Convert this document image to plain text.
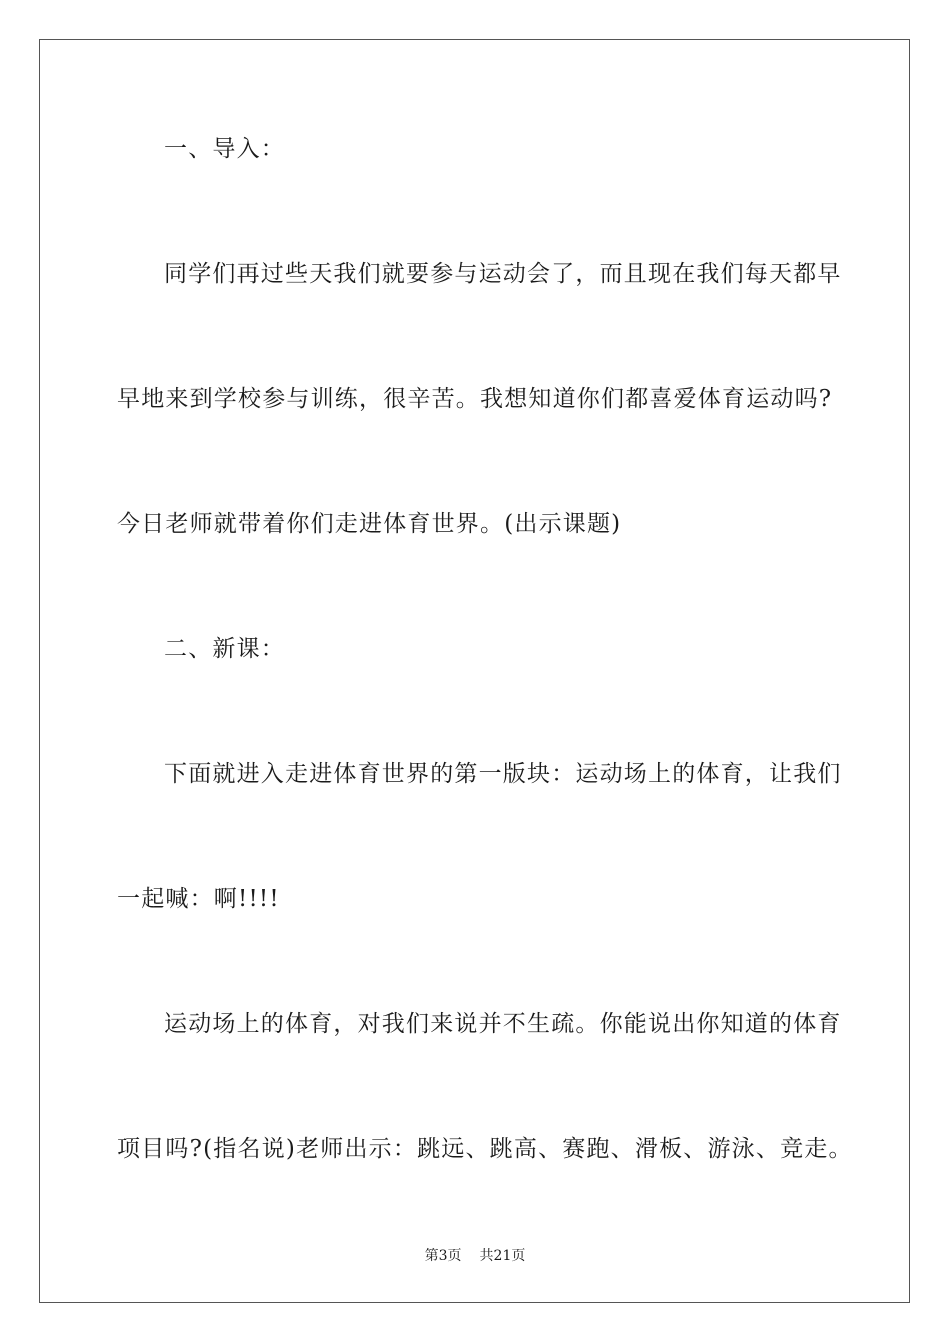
一、导入：
同学们再过些天我们就要参与运动会了，而且现在我们每天都早
早地来到学校参与训练，很辛苦。我想知道你们都喜爱体育运动吗?
今日老师就带着你们走进体育世界。(出示课题)
二、新课：
下面就进入走进体育世界的第一版块：运动场上的体育，让我们
一起喊：啊!!!!
运动场上的体育，对我们来说并不生疏。你能说出你知道的体育
项目吗?(指名说)老师出示：跳远、跳高、赛跑、滑板、游泳、竞走。
第3页 共21页
